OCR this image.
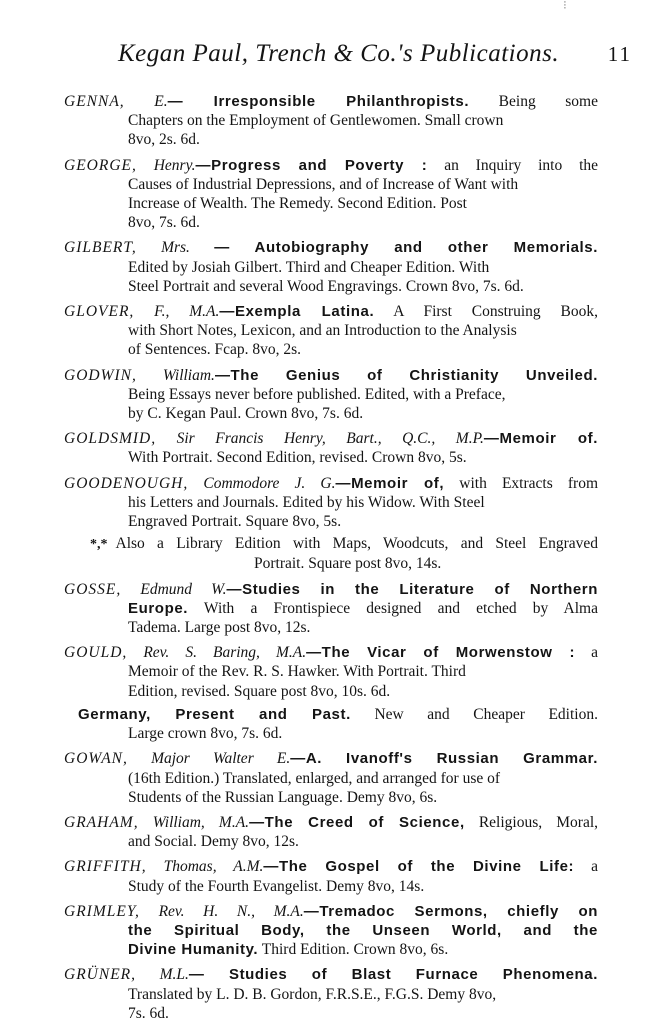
⁝
Kegan Paul, Trench & Co.'s Publications. 11
GENNA, E.— Irresponsible Philanthropists. Being some
Chapters on the Employment of Gentlewomen. Small crown
8vo, 2s. 6d.
GEORGE, Henry.—Progress and Poverty : an Inquiry into the
Causes of Industrial Depressions, and of Increase of Want with
Increase of Wealth. The Remedy. Second Edition. Post
8vo, 7s. 6d.
GILBERT, Mrs. — Autobiography and other Memorials.
Edited by Josiah Gilbert. Third and Cheaper Edition. With
Steel Portrait and several Wood Engravings. Crown 8vo, 7s. 6d.
GLOVER, F., M.A.—Exempla Latina. A First Construing Book,
with Short Notes, Lexicon, and an Introduction to the Analysis
of Sentences. Fcap. 8vo, 2s.
GODWIN, William.—The Genius of Christianity Unveiled.
Being Essays never before published. Edited, with a Preface,
by C. Kegan Paul. Crown 8vo, 7s. 6d.
GOLDSMID, Sir Francis Henry, Bart., Q.C., M.P.—Memoir of.
With Portrait. Second Edition, revised. Crown 8vo, 5s.
GOODENOUGH, Commodore J. G.—Memoir of, with Extracts from
his Letters and Journals. Edited by his Widow. With Steel
Engraved Portrait. Square 8vo, 5s.
*,* Also a Library Edition with Maps, Woodcuts, and Steel Engraved
Portrait. Square post 8vo, 14s.
GOSSE, Edmund W.—Studies in the Literature of Northern
Europe. With a Frontispiece designed and etched by Alma
Tadema. Large post 8vo, 12s.
GOULD, Rev. S. Baring, M.A.—The Vicar of Morwenstow : a
Memoir of the Rev. R. S. Hawker. With Portrait. Third
Edition, revised. Square post 8vo, 10s. 6d.
Germany, Present and Past. New and Cheaper Edition.
Large crown 8vo, 7s. 6d.
GOWAN, Major Walter E.—A. Ivanoff's Russian Grammar.
(16th Edition.) Translated, enlarged, and arranged for use of
Students of the Russian Language. Demy 8vo, 6s.
GRAHAM, William, M.A.—The Creed of Science, Religious, Moral,
and Social. Demy 8vo, 12s.
GRIFFITH, Thomas, A.M.—The Gospel of the Divine Life: a
Study of the Fourth Evangelist. Demy 8vo, 14s.
GRIMLEY, Rev. H. N., M.A.—Tremadoc Sermons, chiefly on
the Spiritual Body, the Unseen World, and the
Divine Humanity. Third Edition. Crown 8vo, 6s.
GRÜNER, M.L.— Studies of Blast Furnace Phenomena.
Translated by L. D. B. Gordon, F.R.S.E., F.G.S. Demy 8vo,
7s. 6d.
